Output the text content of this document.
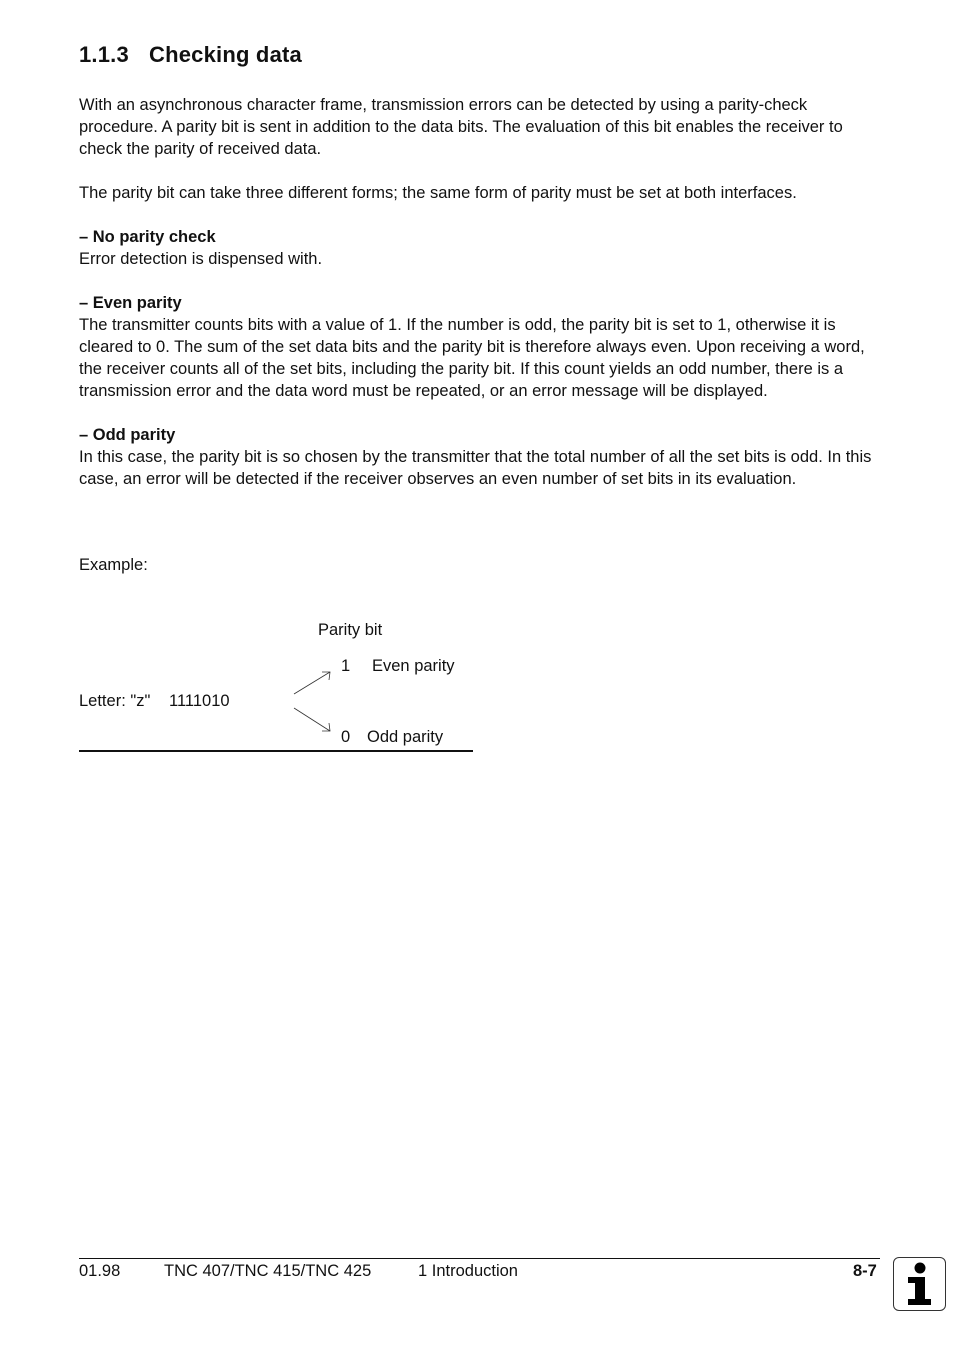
1.1.3 Checking data

With an asynchronous character frame, transmission errors can be detected by using a parity-check procedure. A parity bit is sent in addition to the data bits. The evaluation of this bit enables the receiver to check the parity of received data.

The parity bit can take three different forms; the same form of parity must be set at both interfaces.

– No parity check
Error detection is dispensed with.

– Even parity
The transmitter counts bits with a value of 1. If the number is odd, the parity bit is set to 1, otherwise it is cleared to 0. The sum of the set data bits and the parity bit is therefore always even. Upon receiving a word, the receiver counts all of the set bits, including the parity bit. If this count yields an odd number, there is a transmission error and the data word must be repeated, or an error message will be displayed.

– Odd parity
In this case, the parity bit is so chosen by the transmitter that the total number of all the set bits is odd. In this case, an error will be detected if the receiver observes an even number of set bits in its evaluation.

Example:
Parity bit
1 Even parity
Letter: "z" 1111010
0 Odd parity
01.98	TNC 407/TNC 415/TNC 425	1 Introduction	8-7
